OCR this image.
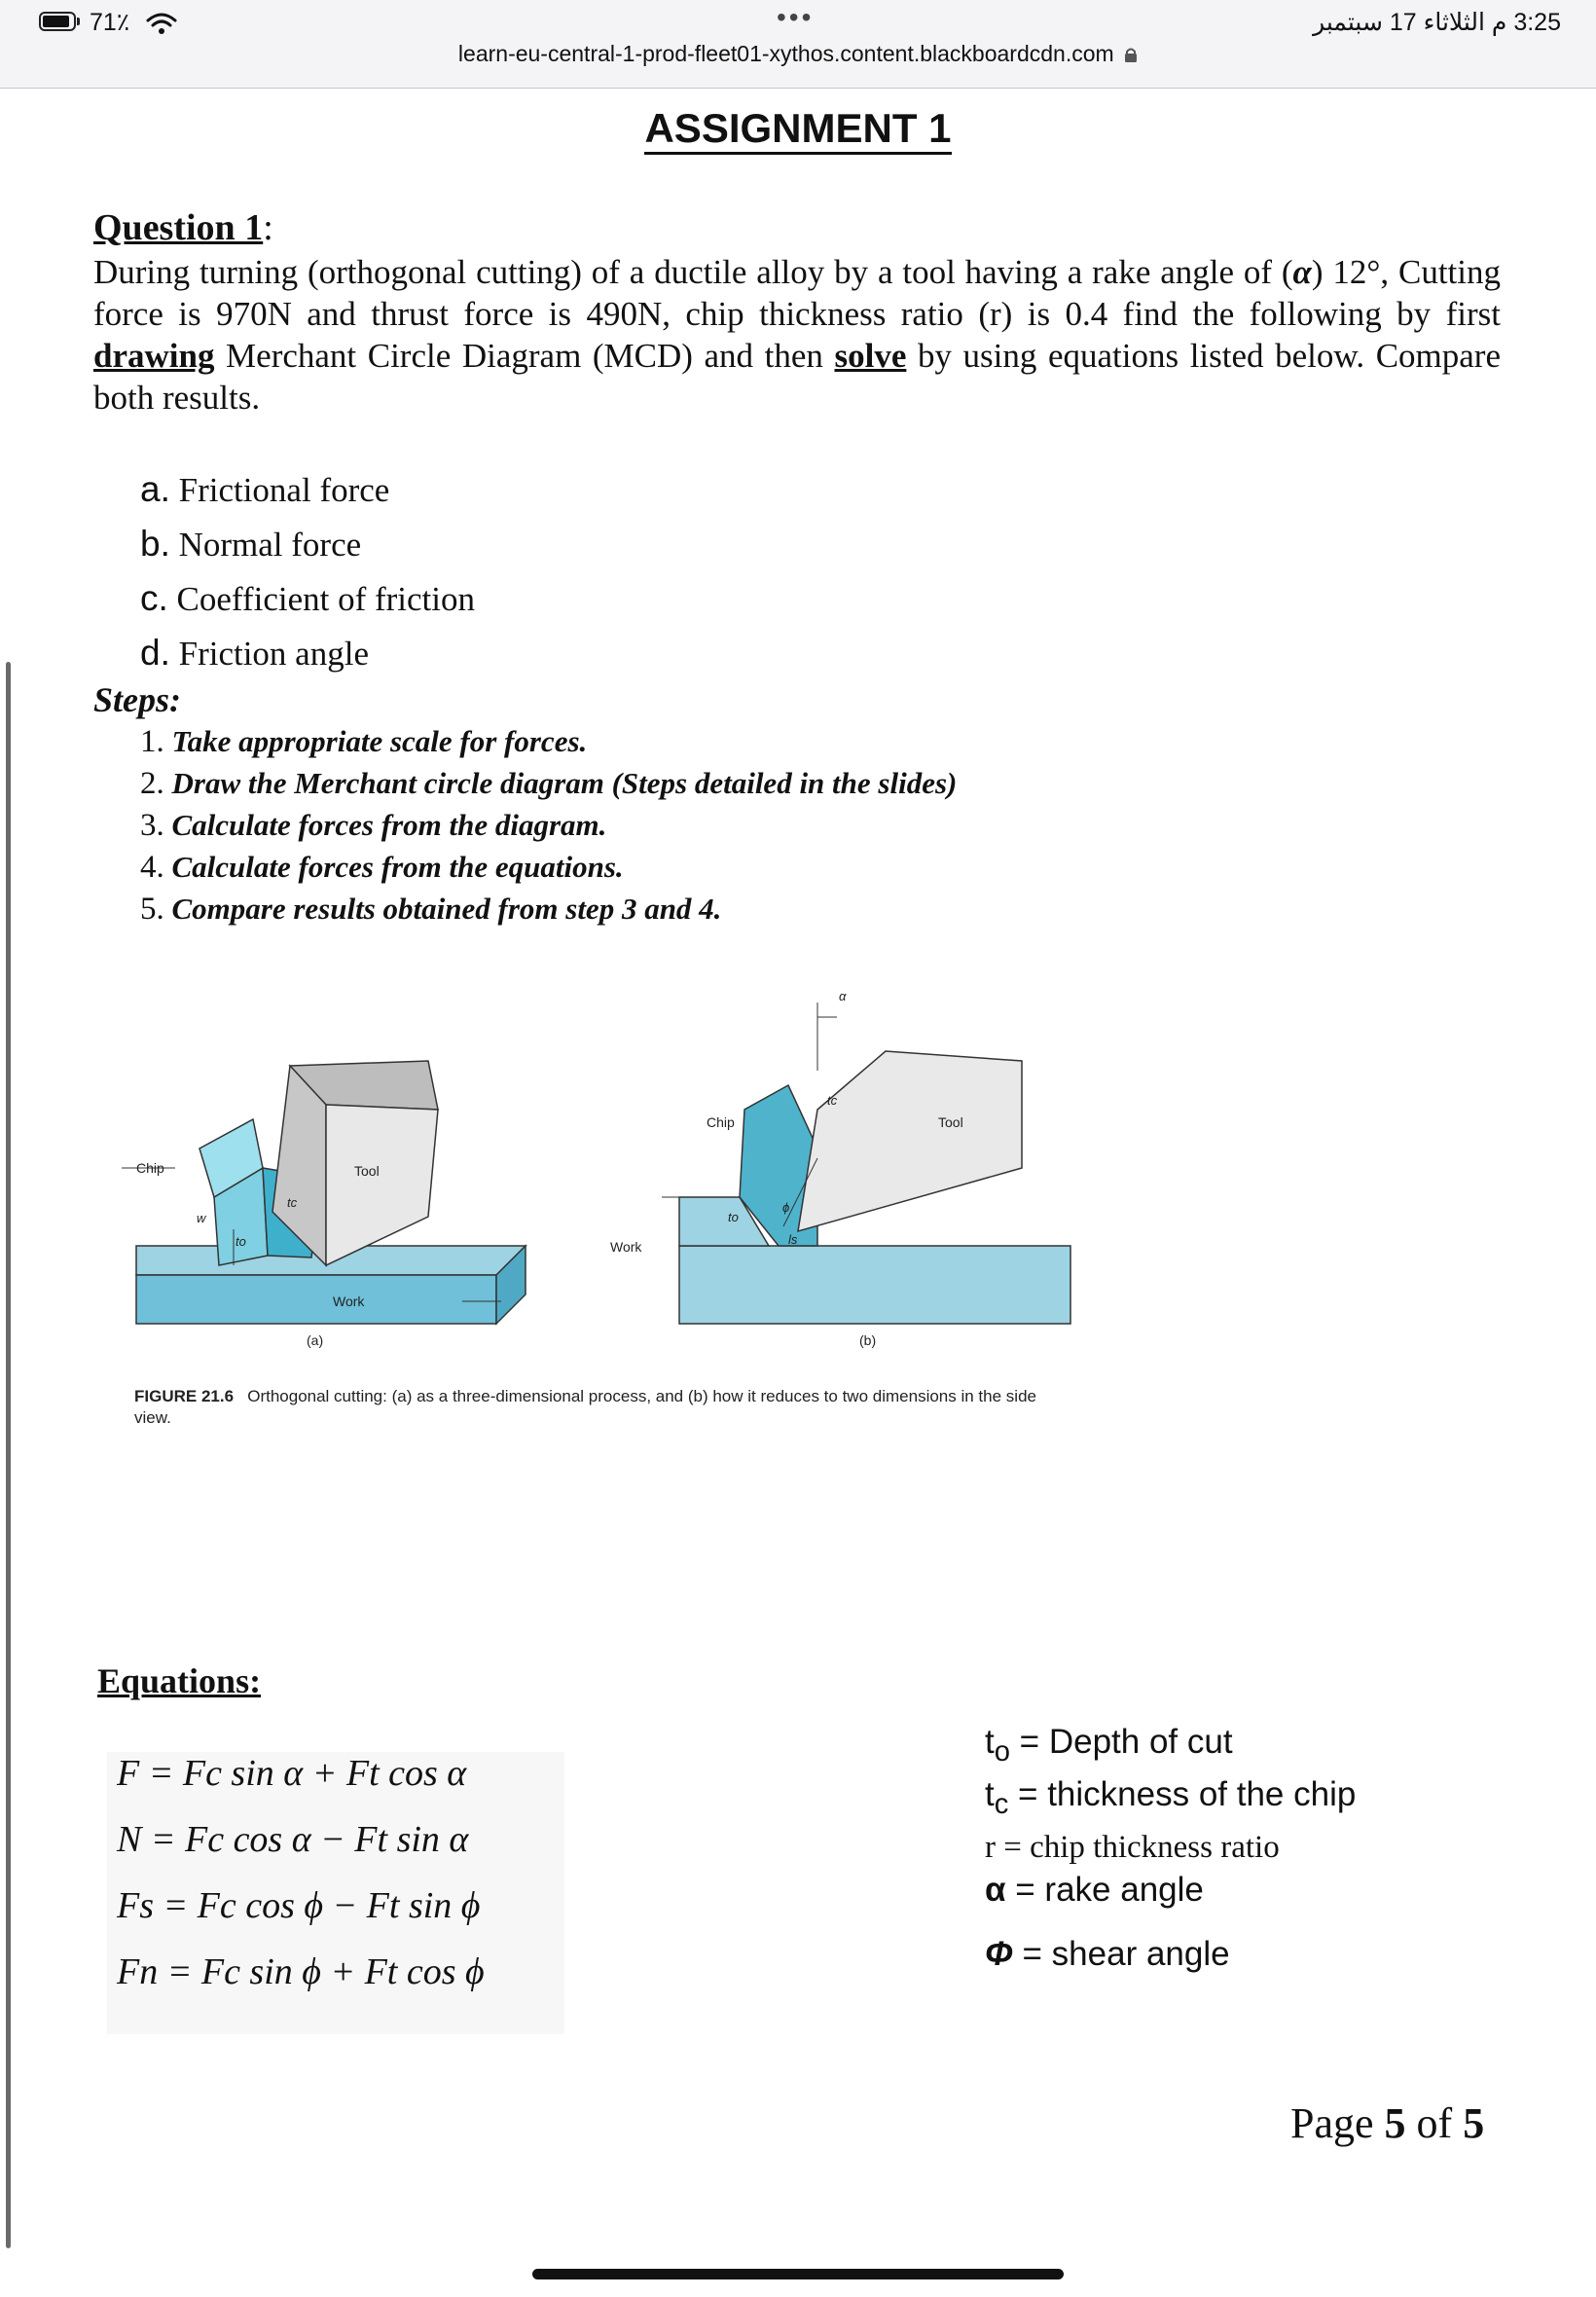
71٪	•••	3:25 م الثلاثاء 17 سبتمبر
learn-eu-central-1-prod-fleet01-xythos.content.blackboardcdn.com
ASSIGNMENT 1
Question 1:
During turning (orthogonal cutting) of a ductile alloy by a tool having a rake angle of (α) 12°, Cutting force is 970N and thrust force is 490N, chip thickness ratio (r) is 0.4 find the following by first drawing Merchant Circle Diagram (MCD) and then solve by using equations listed below. Compare both results.
a. Frictional force
b. Normal force
c. Coefficient of friction
d. Friction angle
Steps:
1. Take appropriate scale for forces.
2. Draw the Merchant circle diagram (Steps detailed in the slides)
3. Calculate forces from the diagram.
4. Calculate forces from the equations.
5. Compare results obtained from step 3 and 4.
Chip	Tool
Work
w
tc
to
(a)
Chip	Tool
Work
tc
to
ϕ
ls
α
(b)
FIGURE 21.6 Orthogonal cutting: (a) as a three-dimensional process, and (b) how it reduces to two dimensions in the side view.
Equations:
F = Fc sin α + Ft cos α
N = Fc cos α − Ft sin α
Fs = Fc cos ϕ − Ft sin ϕ
Fn = Fc sin ϕ + Ft cos ϕ
$t_o$ = Depth of cut
$t_c$ = thickness of the chip
r = chip thickness ratio
α = rake angle
Φ = shear angle
Page 5 of 5
